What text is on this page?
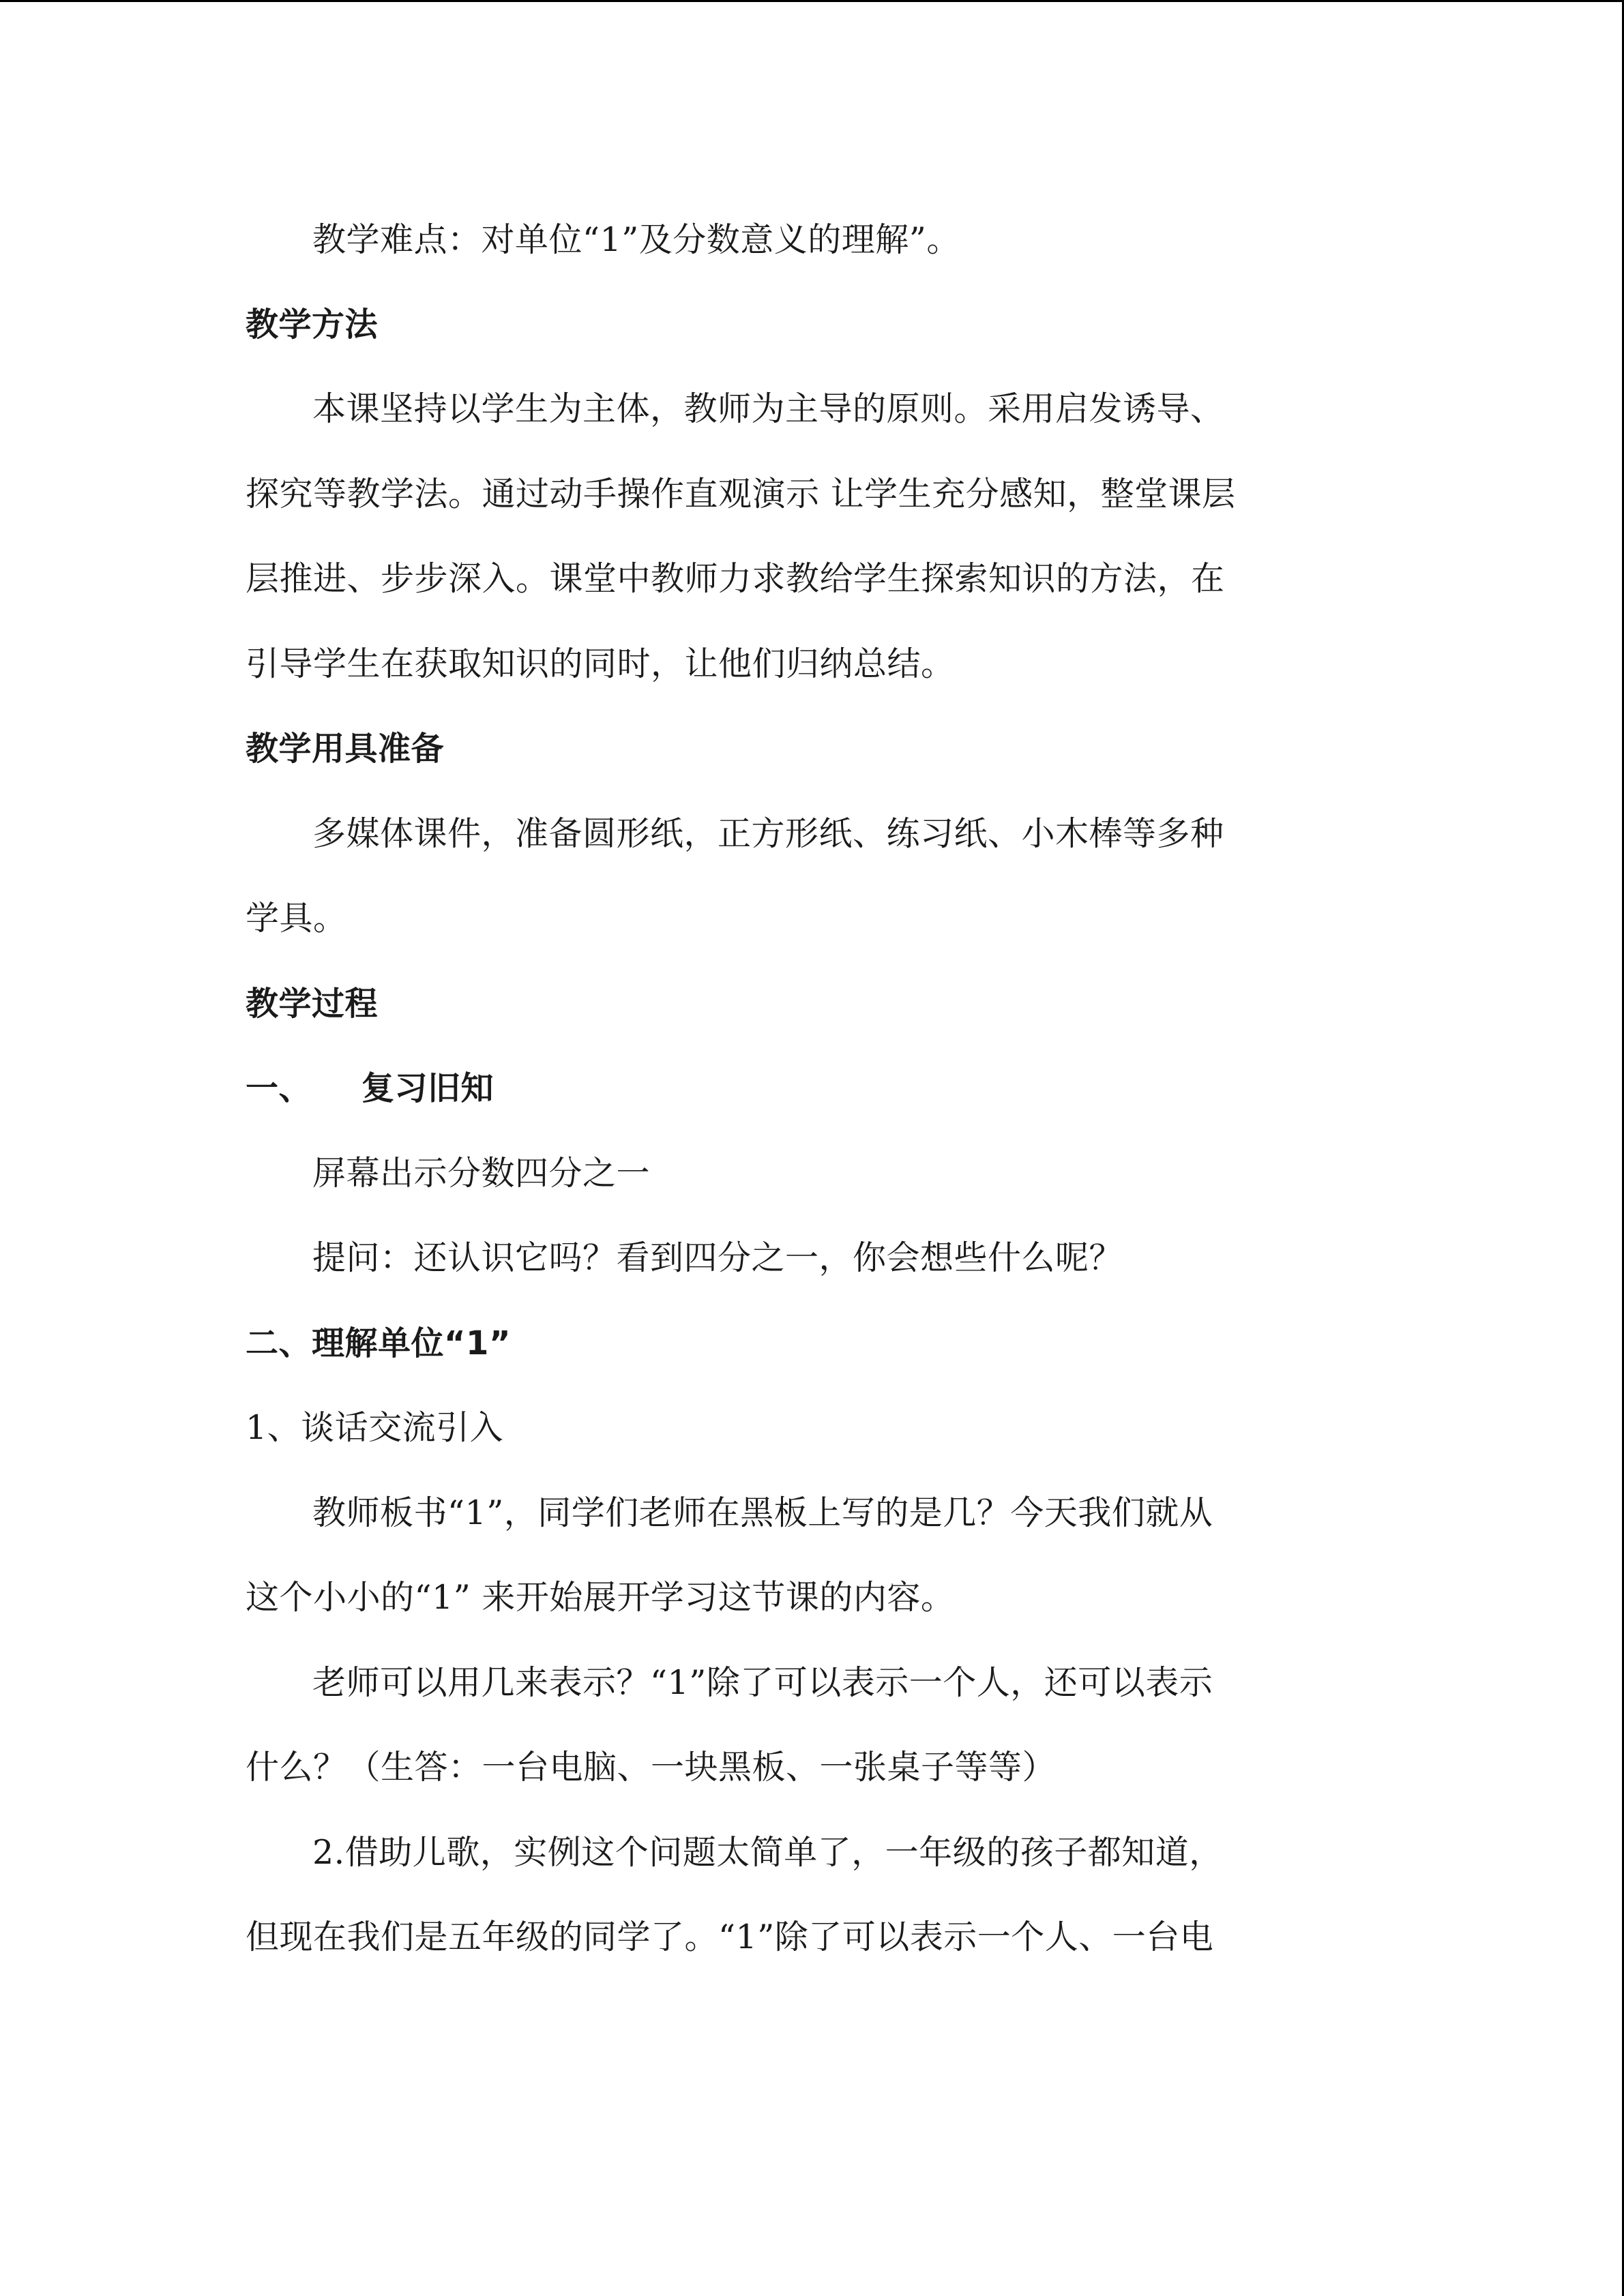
教学难点：对单位“1”及分数意义的理解”。
教学方法
本课坚持以学生为主体，教师为主导的原则。采用启发诱导、
探究等教学法。通过动手操作直观演示 让学生充分感知，整堂课层
层推进、步步深入。课堂中教师力求教给学生探索知识的方法，在
引导学生在获取知识的同时，让他们归纳总结。
教学用具准备
多媒体课件，准备圆形纸，正方形纸、练习纸、小木棒等多种
学具。
教学过程
一、 复习旧知
屏幕出示分数四分之一
提问：还认识它吗？看到四分之一，你会想些什么呢？
二、理解单位“1”
1、谈话交流引入
教师板书“1”，同学们老师在黑板上写的是几？今天我们就从
这个小小的“1” 来开始展开学习这节课的内容。
老师可以用几来表示？“1”除了可以表示一个人，还可以表示
什么？（生答：一台电脑、一块黑板、一张桌子等等）
2.借助儿歌，实例这个问题太简单了，一年级的孩子都知道，
但现在我们是五年级的同学了。“1”除了可以表示一个人、一台电
